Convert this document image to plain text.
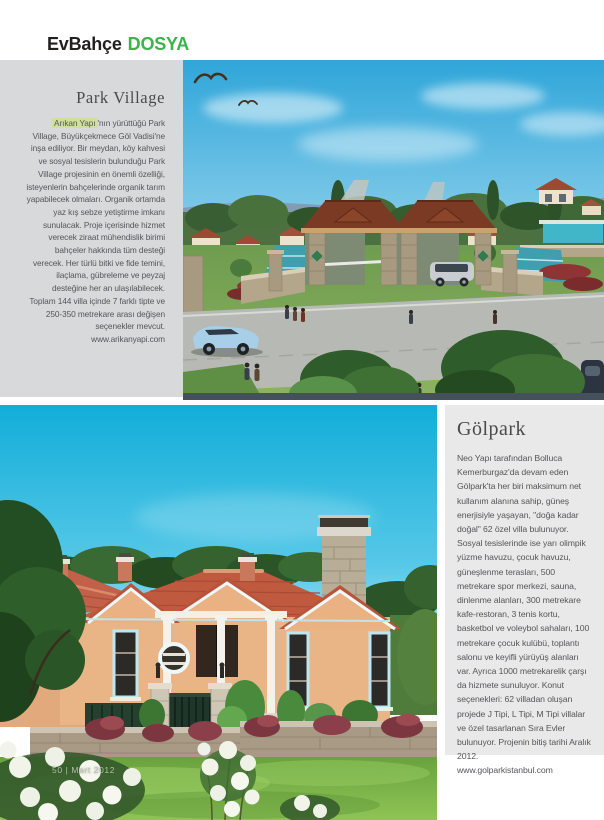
EvBahçe DOSYA
Park Village

Arıkan Yapı 'nın yürüttüğü Park Village, Büyükçekmece Göl Vadisi'ne inşa ediliyor. Bir meydan, köy kahvesi ve sosyal tesislerin bulunduğu Park Village projesinin en önemli özelliği, isteyenlerin bahçelerinde organik tarım yapabilecek olmaları. Organik ortamda yaz kış sebze yetiştirme imkanı sunulacak. Proje içerisinde hizmet verecek ziraat mühendislik birimi bahçeler hakkında tüm desteği verecek. Her türlü bitki ve fide temini, ilaçlama, gübreleme ve peyzaj desteğine her an ulaşılabilecek. Toplam 144 villa içinde 7 farklı tipte ve 250-350 metrekare arası değişen seçenekler mevcut.

www.arikanyapi.com
Gölpark

Neo Yapı tarafından Bolluca Kemerburgaz'da devam eden Gölpark'ta her biri maksimum net kullanım alanına sahip, güneş enerjisiyle yaşayan, "doğa kadar doğal" 62 özel villa bulunuyor. Sosyal tesislerinde ise yarı olimpik yüzme havuzu, çocuk havuzu, güneşlenme terasları, 500 metrekare spor merkezi, sauna, dinlenme alanları, 300 metrekare kafe-restoran, 3 tenis kortu, basketbol ve voleybol sahaları, 100 metrekare çocuk kulübü, toplantı salonu ve keyifli yürüyüş alanları var. Ayrıca 1000 metrekarelik çarşı da hizmete sunuluyor. Konut seçenekleri: 62 villadan oluşan projede J Tipi, L Tipi, M Tipi villalar ve özel tasarlanan Sıra Evler bulunuyor. Projenin bitiş tarihi Aralık 2012.

www.golparkistanbul.com
50 | Mart 2012
